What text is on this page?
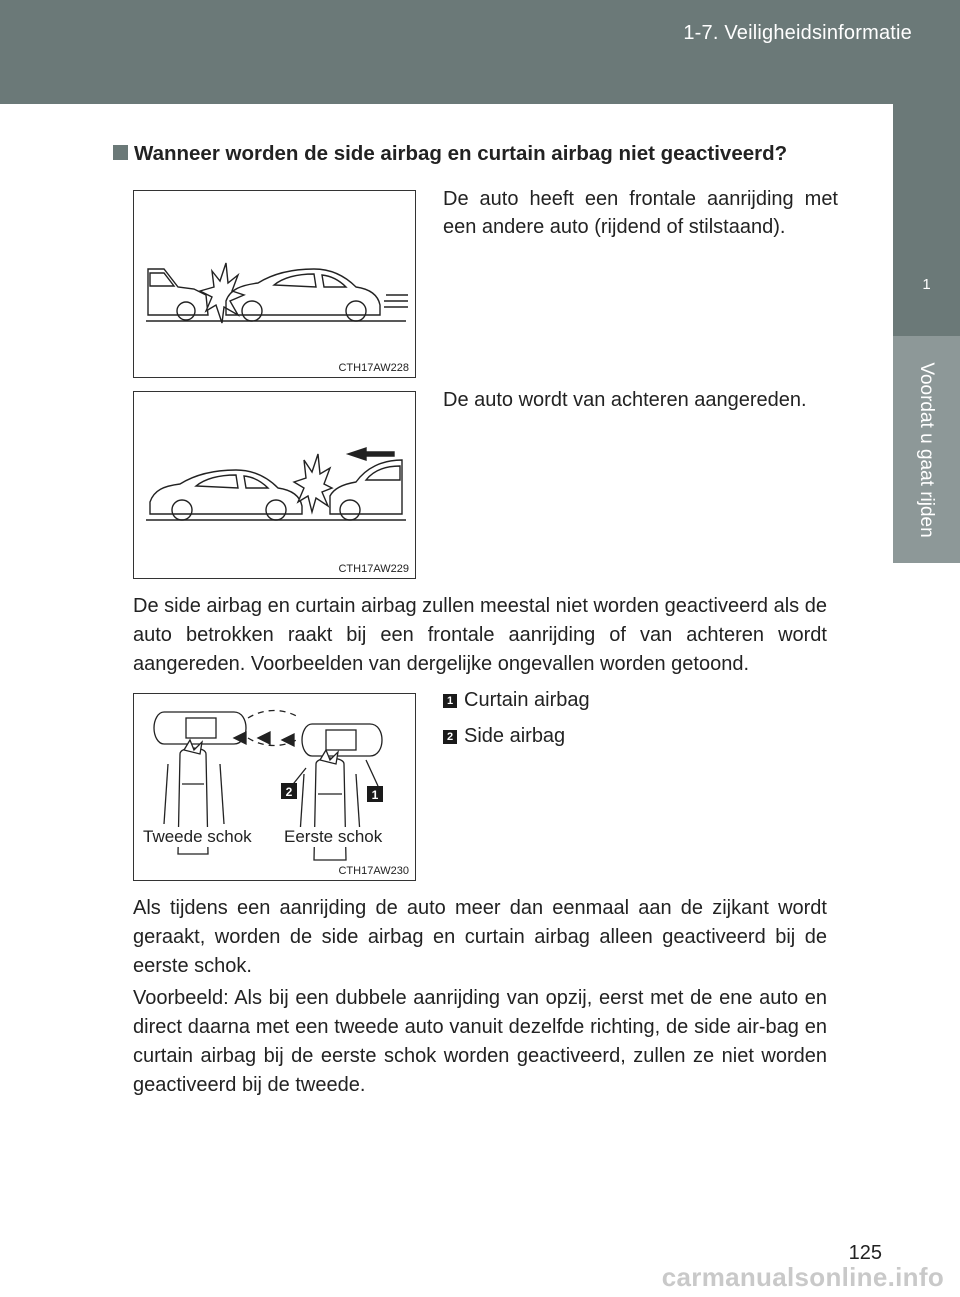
1-7. Veiligheidsinformatie
1
Voordat u gaat rijden
Wanneer worden de side airbag en curtain airbag niet geactiveerd?
CTH17AW228
De auto heeft een frontale aanrijding met een andere auto (rijdend of stilstaand).
CTH17AW229
De auto wordt van achteren aangereden.
De side airbag en curtain airbag zullen meestal niet worden geactiveerd als de auto betrokken raakt bij een frontale aanrijding of van achteren wordt aangereden. Voorbeelden van dergelijke ongevallen worden getoond.
2	1
Tweede schok Eerste schok
CTH17AW230
1 Curtain airbag
2 Side airbag
Als tijdens een aanrijding de auto meer dan eenmaal aan de zijkant wordt geraakt, worden de side airbag en curtain airbag alleen geactiveerd bij de eerste schok.
Voorbeeld: Als bij een dubbele aanrijding van opzij, eerst met de ene auto en direct daarna met een tweede auto vanuit dezelfde richting, de side air-bag en curtain airbag bij de eerste schok worden geactiveerd, zullen ze niet worden geactiveerd bij de tweede.
125
carmanualsonline.info
